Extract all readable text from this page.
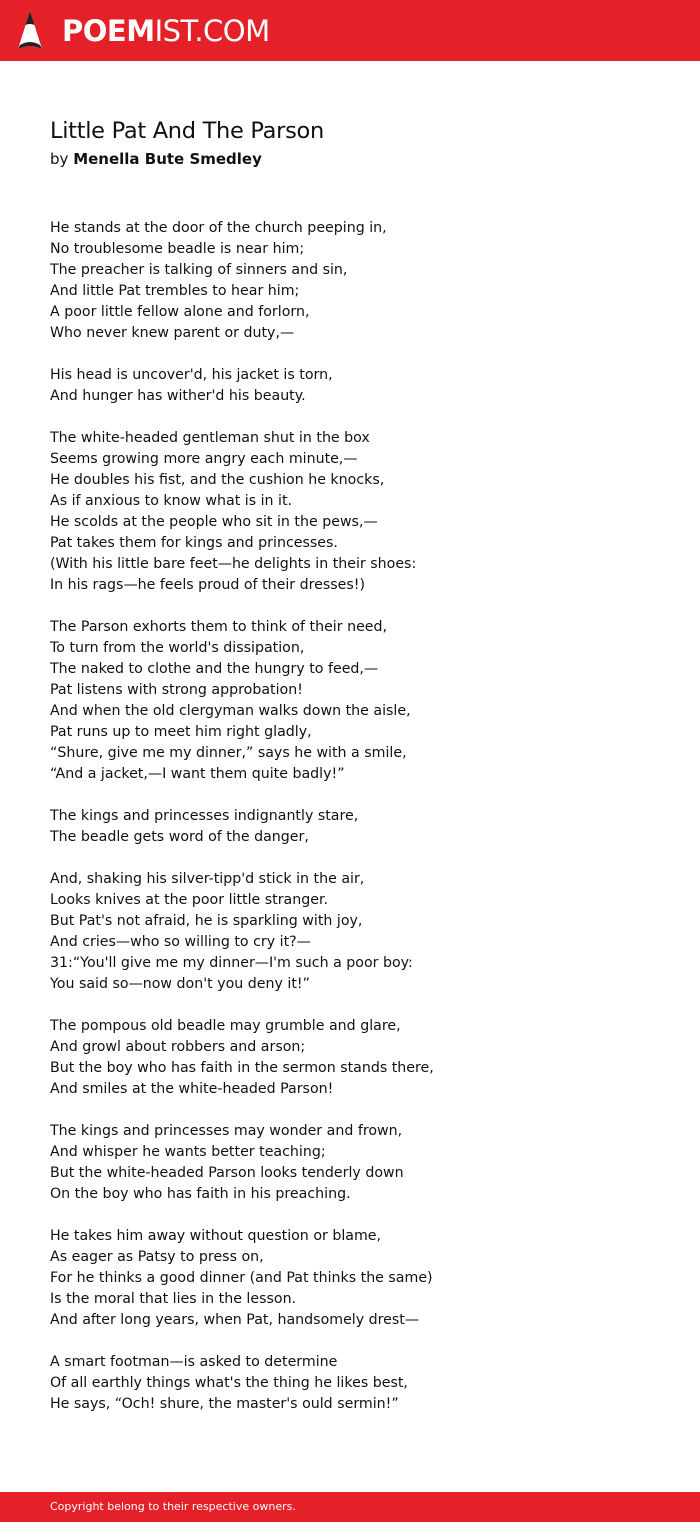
POEMIST.COM
Little Pat And The Parson
by Menella Bute Smedley
He stands at the door of the church peeping in,
No troublesome beadle is near him;
The preacher is talking of sinners and sin,
And little Pat trembles to hear him;
A poor little fellow alone and forlorn,
Who never knew parent or duty,—
His head is uncover'd, his jacket is torn,
And hunger has wither'd his beauty.
The white-headed gentleman shut in the box
Seems growing more angry each minute,—
He doubles his fist, and the cushion he knocks,
As if anxious to know what is in it.
He scolds at the people who sit in the pews,—
Pat takes them for kings and princesses.
(With his little bare feet—he delights in their shoes:
In his rags—he feels proud of their dresses!)
The Parson exhorts them to think of their need,
To turn from the world's dissipation,
The naked to clothe and the hungry to feed,—
Pat listens with strong approbation!
And when the old clergyman walks down the aisle,
Pat runs up to meet him right gladly,
“Shure, give me my dinner,” says he with a smile,
“And a jacket,—I want them quite badly!”
The kings and princesses indignantly stare,
The beadle gets word of the danger,
And, shaking his silver-tipp'd stick in the air,
Looks knives at the poor little stranger.
But Pat's not afraid, he is sparkling with joy,
And cries—who so willing to cry it?—
31:“You'll give me my dinner—I'm such a poor boy:
You said so—now don't you deny it!”
The pompous old beadle may grumble and glare,
And growl about robbers and arson;
But the boy who has faith in the sermon stands there,
And smiles at the white-headed Parson!
The kings and princesses may wonder and frown,
And whisper he wants better teaching;
But the white-headed Parson looks tenderly down
On the boy who has faith in his preaching.
He takes him away without question or blame,
As eager as Patsy to press on,
For he thinks a good dinner (and Pat thinks the same)
Is the moral that lies in the lesson.
And after long years, when Pat, handsomely drest—
A smart footman—is asked to determine
Of all earthly things what's the thing he likes best,
He says, “Och! shure, the master's ould sermin!”
Copyright belong to their respective owners.
